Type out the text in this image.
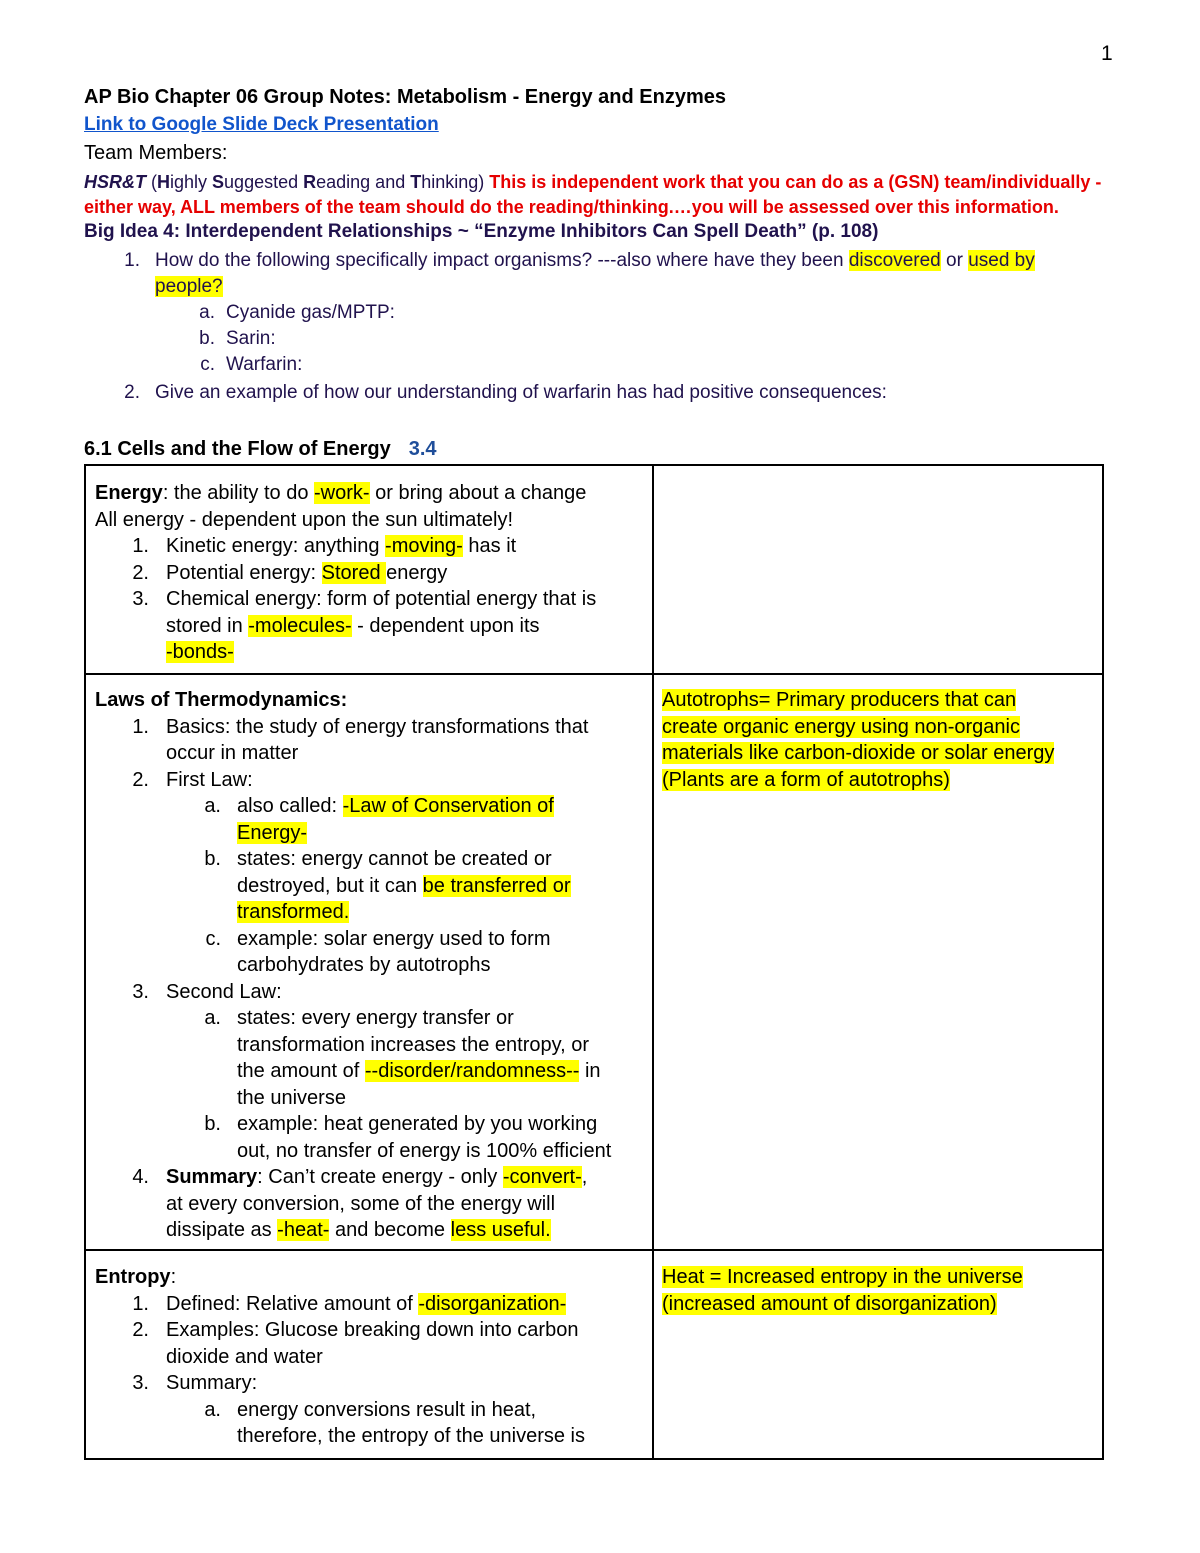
1
AP Bio Chapter 06 Group Notes: Metabolism - Energy and Enzymes
Link to Google Slide Deck Presentation
Team Members:
HSR&T (Highly Suggested Reading and Thinking) This is independent work that you can do as a (GSN) team/individually - either way, ALL members of the team should do the reading/thinking.…you will be assessed over this information.
Big Idea 4: Interdependent Relationships ~ “Enzyme Inhibitors Can Spell Death” (p. 108)
1. How do the following specifically impact organisms? ---also where have they been discovered or used by
people?
a. Cyanide gas/MPTP:
b. Sarin:
c. Warfarin:
2. Give an example of how our understanding of warfarin has had positive consequences:
6.1 Cells and the Flow of Energy 3.4
Energy: the ability to do -work- or bring about a change
All energy - dependent upon the sun ultimately!
1. Kinetic energy: anything -moving- has it
2. Potential energy: Stored energy
3. Chemical energy: form of potential energy that is
stored in -molecules- - dependent upon its
-bonds-
Laws of Thermodynamics:
1. Basics: the study of energy transformations that
occur in matter
2. First Law:
a. also called: -Law of Conservation of
Energy-
b. states: energy cannot be created or
destroyed, but it can be transferred or
transformed.
c. example: solar energy used to form
carbohydrates by autotrophs
3. Second Law:
a. states: every energy transfer or
transformation increases the entropy, or
the amount of --disorder/randomness-- in
the universe
b. example: heat generated by you working
out, no transfer of energy is 100% efficient
4. Summary: Can’t create energy - only -convert-,
at every conversion, some of the energy will
dissipate as -heat- and become less useful.
Autotrophs= Primary producers that can
create organic energy using non-organic
materials like carbon-dioxide or solar energy
(Plants are a form of autotrophs)
Entropy:
1. Defined: Relative amount of -disorganization-
2. Examples: Glucose breaking down into carbon
dioxide and water
3. Summary:
a. energy conversions result in heat,
therefore, the entropy of the universe is
Heat = Increased entropy in the universe
(increased amount of disorganization)
